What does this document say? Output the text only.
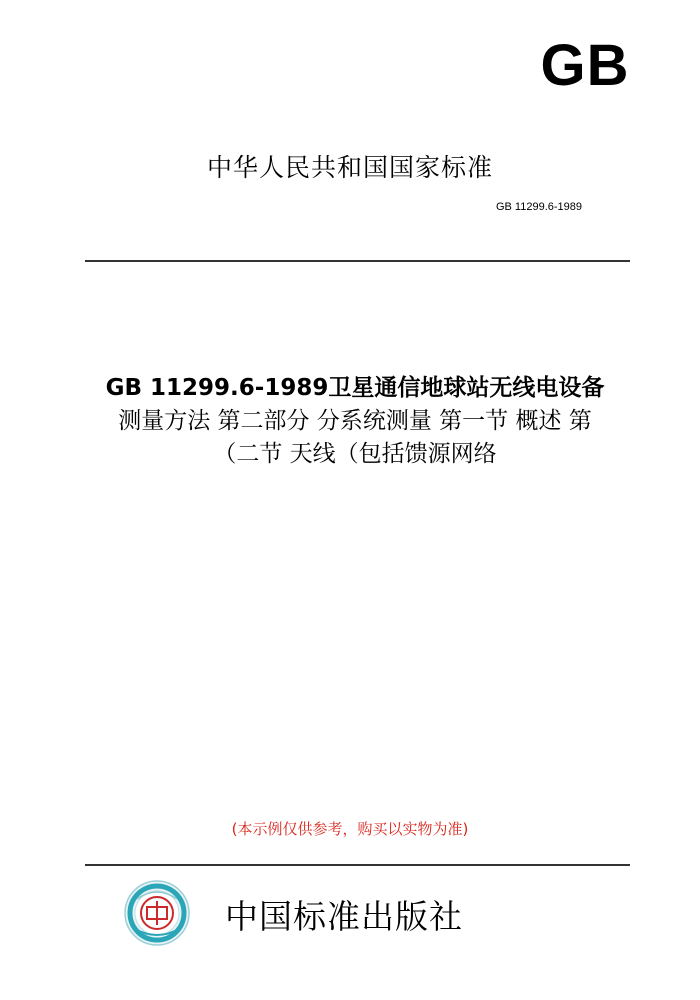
GB
中华人民共和国国家标准
GB 11299.6-1989
GB 11299.6-1989卫星通信地球站无线电设备
测量方法 第二部分 分系统测量 第一节 概述 第
（二节 天线（包括馈源网络
(本示例仅供参考，购买以实物为准)
中国标准出版社
